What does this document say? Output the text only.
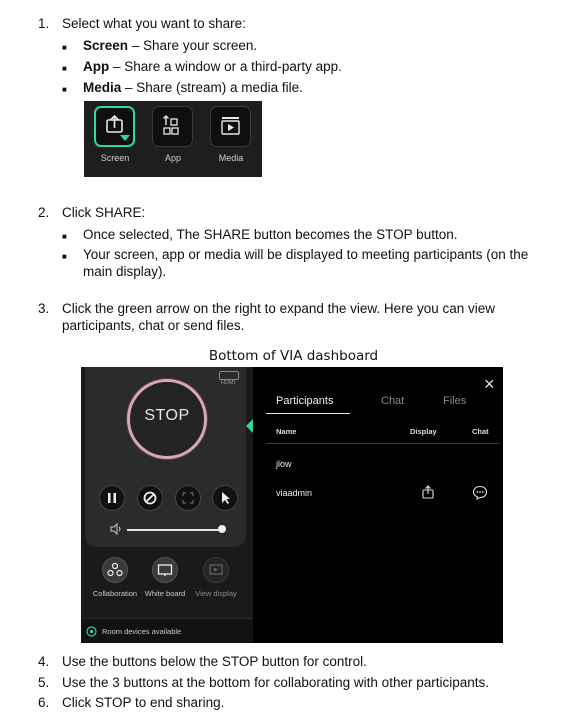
1. Select what you want to share:
■ Screen – Share your screen.
■ App – Share a window or a third-party app.
■ Media – Share (stream) a media file.
Screen	App	Media
2. Click SHARE:
■ Once selected, The SHARE button becomes the STOP button.
■ Your screen, app or media will be displayed to meeting participants (on the
main display).
3. Click the green arrow on the right to expand the view. Here you can view
participants, chat or send files.
Bottom of VIA dashboard
HDMI
STOP
Collaboration	White board	View display
Room devices available
×
Participants	Chat	Files
Name	Display	Chat
jlow
viaadmin
4. Use the buttons below the STOP button for control.
5. Use the 3 buttons at the bottom for collaborating with other participants.
6. Click STOP to end sharing.
